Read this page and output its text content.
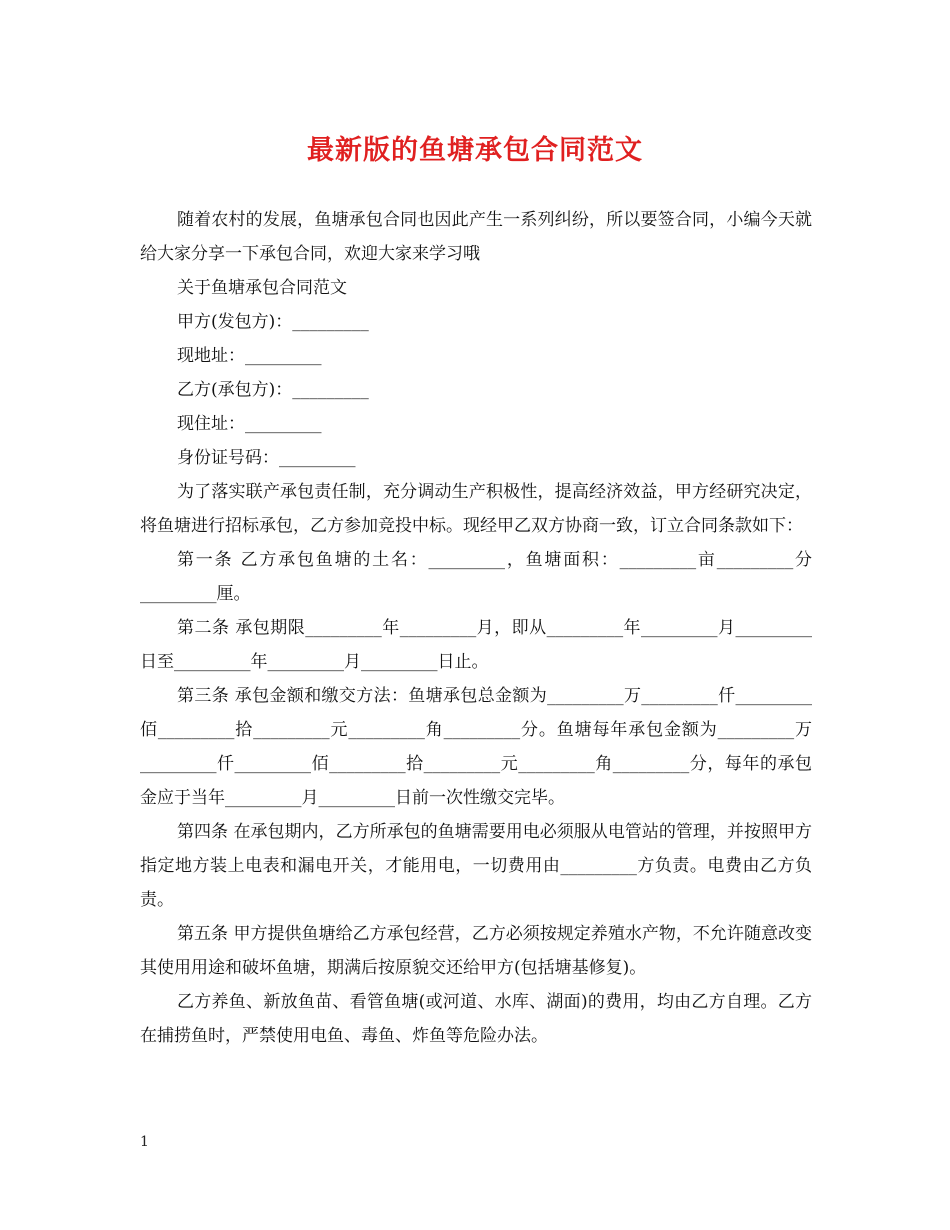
最新版的鱼塘承包合同范文

随着农村的发展，鱼塘承包合同也因此产生一系列纠纷，所以要签合同，小编今天就给大家分享一下承包合同，欢迎大家来学习哦

关于鱼塘承包合同范文

甲方(发包方)：_________

现地址：_________

乙方(承包方)：_________

现住址：_________

身份证号码：_________

为了落实联产承包责任制，充分调动生产积极性，提高经济效益，甲方经研究决定，将鱼塘进行招标承包，乙方参加竞投中标。现经甲乙双方协商一致，订立合同条款如下：

第一条 乙方承包鱼塘的土名：_________，鱼塘面积：_________亩_________分_________厘。

第二条 承包期限_________年_________月，即从_________年_________月_________日至_________年_________月_________日止。

第三条 承包金额和缴交方法：鱼塘承包总金额为_________万_________仟_________佰_________拾_________元_________角_________分。鱼塘每年承包金额为_________万_________仟_________佰_________拾_________元_________角_________分，每年的承包金应于当年_________月_________日前一次性缴交完毕。

第四条 在承包期内，乙方所承包的鱼塘需要用电必须服从电管站的管理，并按照甲方指定地方装上电表和漏电开关，才能用电，一切费用由_________方负责。电费由乙方负责。

第五条 甲方提供鱼塘给乙方承包经营，乙方必须按规定养殖水产物，不允许随意改变其使用用途和破坏鱼塘，期满后按原貌交还给甲方(包括塘基修复)。

乙方养鱼、新放鱼苗、看管鱼塘(或河道、水库、湖面)的费用，均由乙方自理。乙方在捕捞鱼时，严禁使用电鱼、毒鱼、炸鱼等危险办法。

1
